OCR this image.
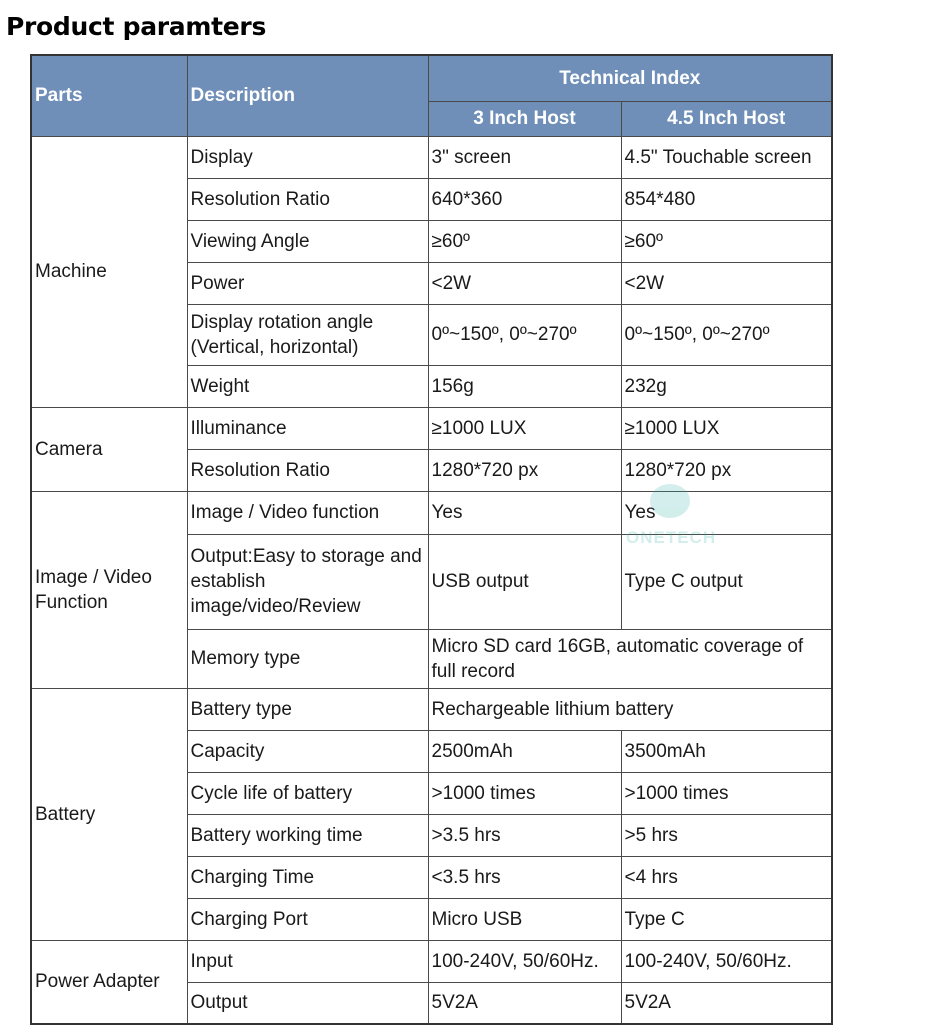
Product paramters
Parts	Description	Technical Index	
		3 Inch Host	4.5 Inch Host
Machine	Display	3" screen	4.5" Touchable screen
	Resolution Ratio	640*360	854*480
	Viewing Angle	≥60º	≥60º
	Power	<2W	<2W
	Display rotation angle (Vertical, horizontal)	0º~150º, 0º~270º	0º~150º, 0º~270º
	Weight	156g	232g
Camera	Illuminance	≥1000 LUX	≥1000 LUX
	Resolution Ratio	1280*720 px	1280*720 px
Image / Video Function	Image / Video function	Yes	Yes
	Output:Easy to storage and establish image/video/Review	USB output	Type C output
	Memory type	Micro SD card 16GB, automatic coverage of full record	
Battery	Battery type	Rechargeable lithium battery	
	Capacity	2500mAh	3500mAh
	Cycle life of battery	>1000 times	>1000 times
	Battery working time	>3.5 hrs	>5 hrs
	Charging Time	<3.5 hrs	<4 hrs
	Charging Port	Micro USB	Type C
Power Adapter	Input	100-240V, 50/60Hz.	100-240V, 50/60Hz.
	Output	5V2A	5V2A
ONETECH
